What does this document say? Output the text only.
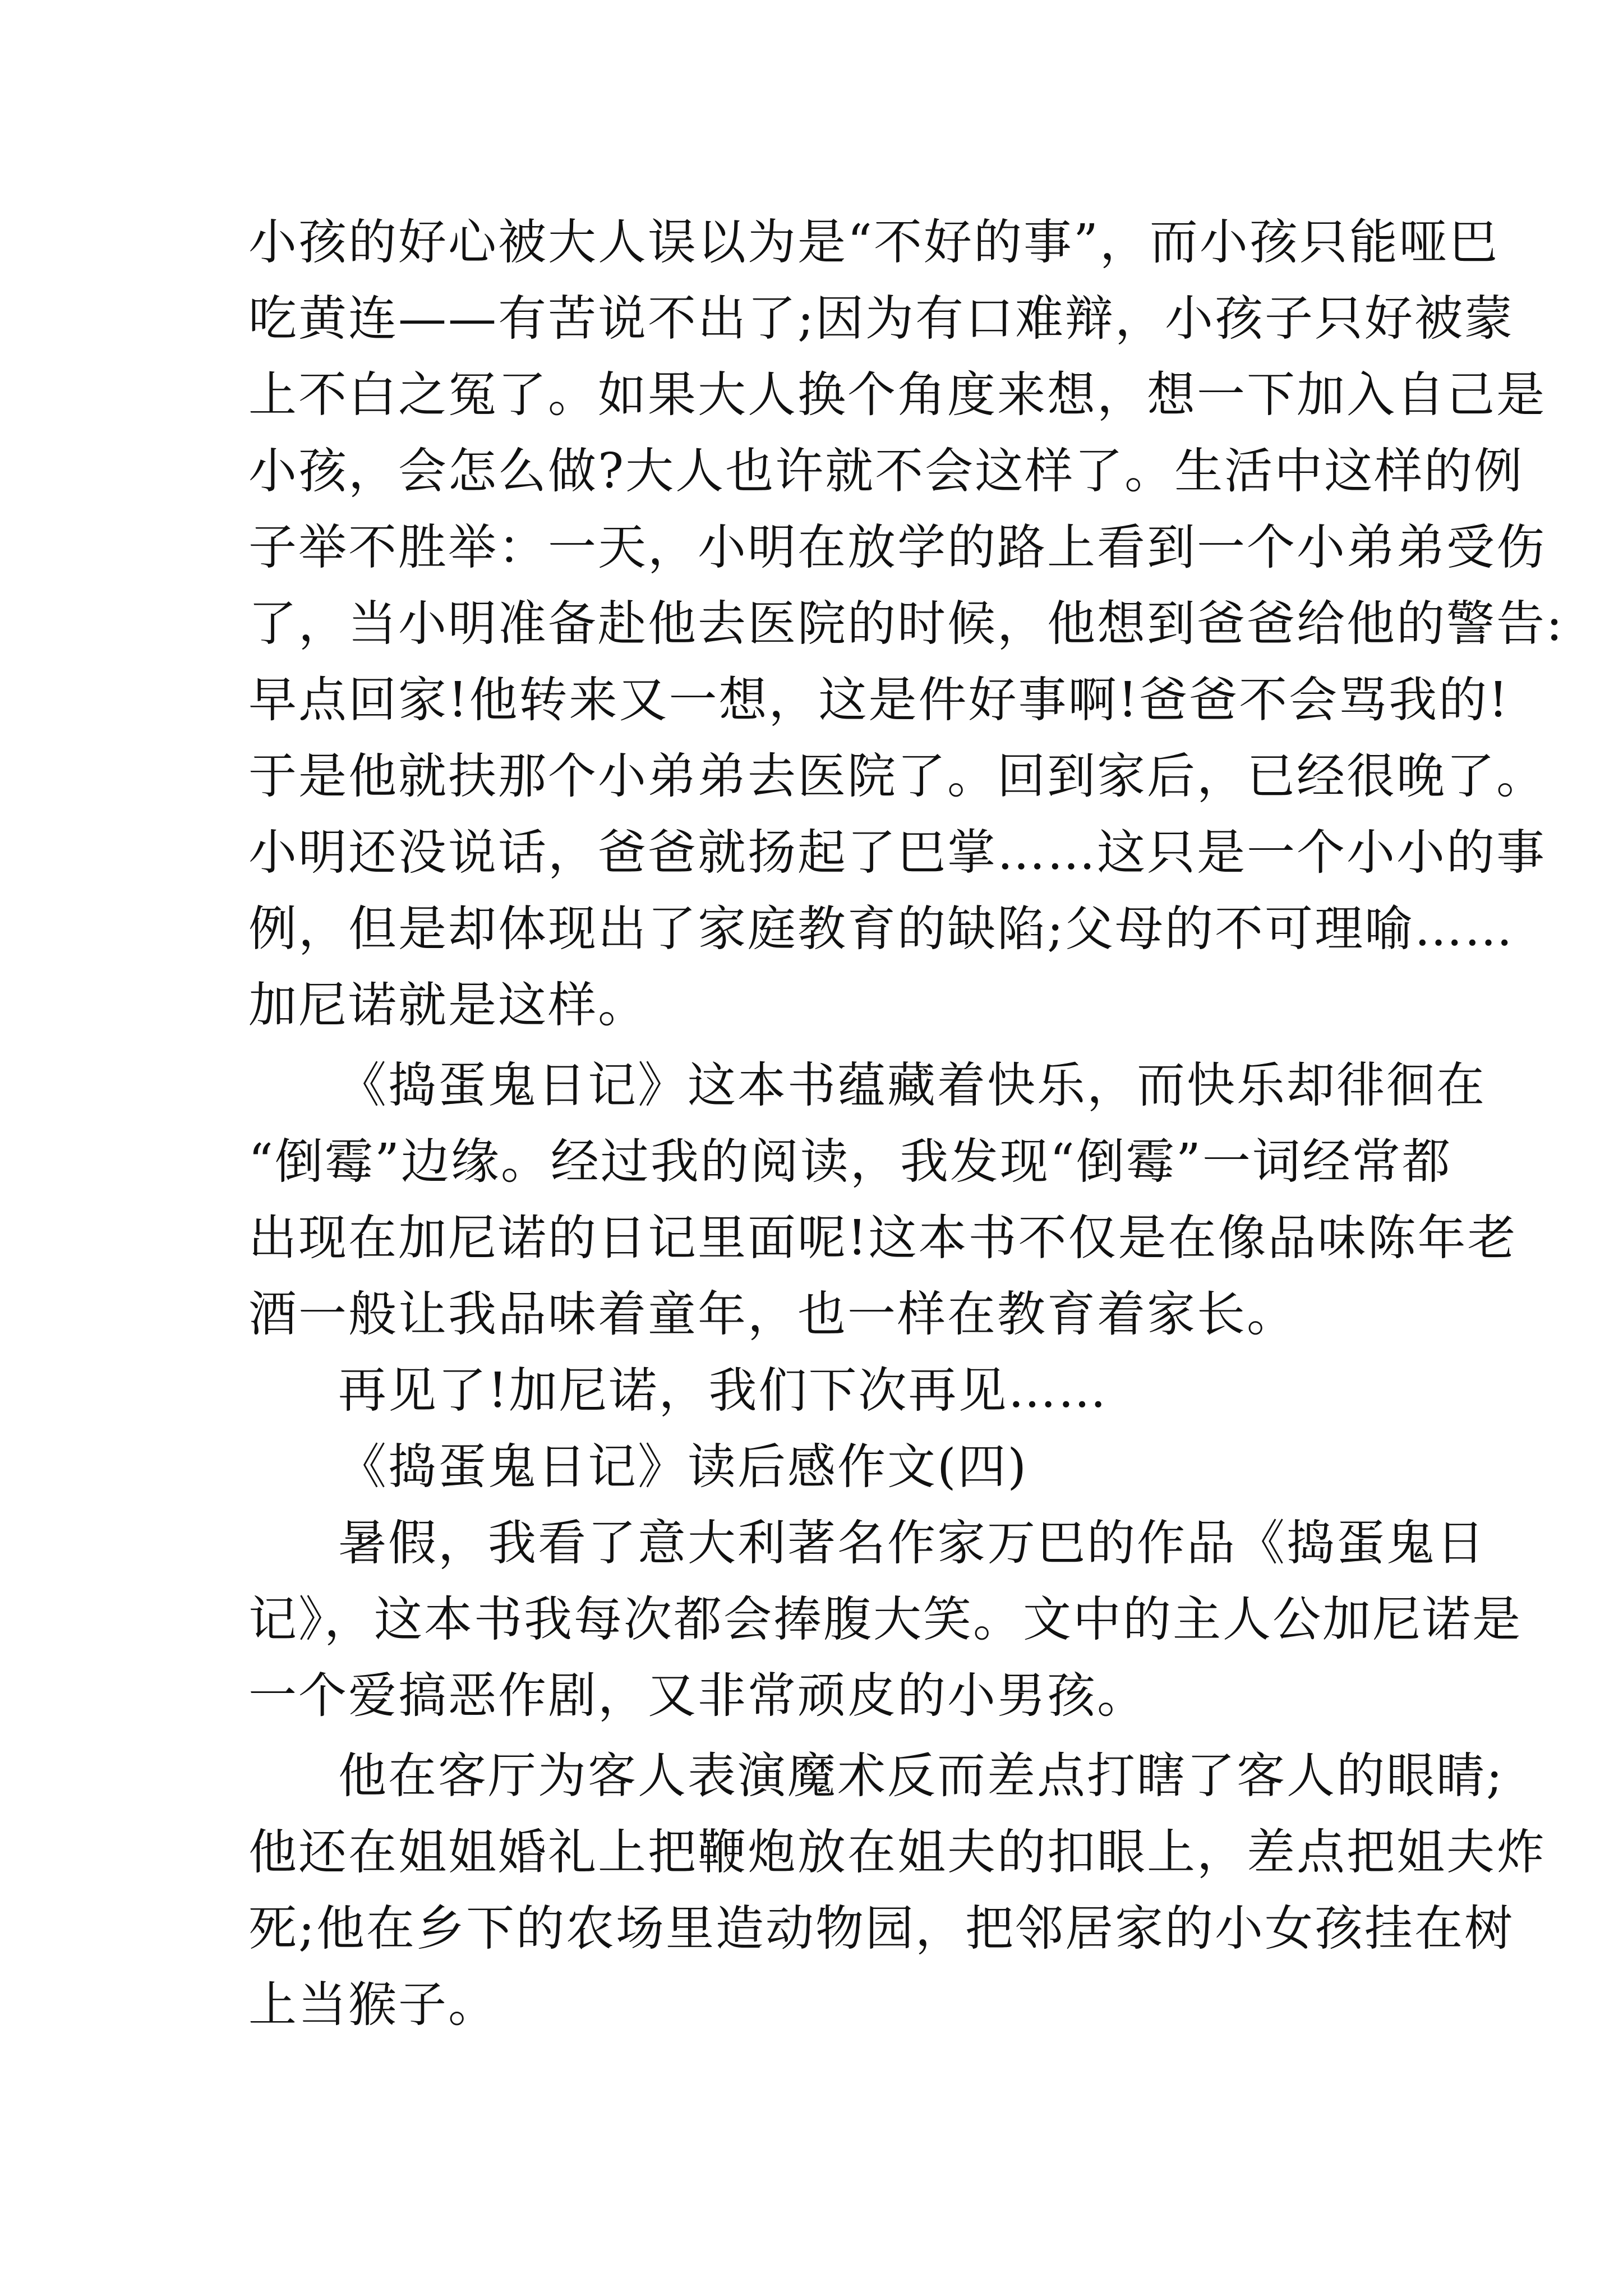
小孩的好心被大人误以为是“不好的事”，而小孩只能哑巴
吃黄连——有苦说不出了;因为有口难辩，小孩子只好被蒙
上不白之冤了。如果大人换个角度来想，想一下加入自己是
小孩，会怎么做?大人也许就不会这样了。生活中这样的例
子举不胜举：一天，小明在放学的路上看到一个小弟弟受伤
了，当小明准备赴他去医院的时候，他想到爸爸给他的警告:
早点回家!他转来又一想，这是件好事啊!爸爸不会骂我的!
于是他就扶那个小弟弟去医院了。回到家后，已经很晚了。
小明还没说话，爸爸就扬起了巴掌……这只是一个小小的事
例，但是却体现出了家庭教育的缺陷;父母的不可理喻……
加尼诺就是这样。
《捣蛋鬼日记》这本书蕴藏着快乐，而快乐却徘徊在
“倒霉”边缘。经过我的阅读，我发现“倒霉”一词经常都
出现在加尼诺的日记里面呢!这本书不仅是在像品味陈年老
酒一般让我品味着童年，也一样在教育着家长。
再见了!加尼诺，我们下次再见……
《捣蛋鬼日记》读后感作文(四)
暑假，我看了意大利著名作家万巴的作品《捣蛋鬼日
记》，这本书我每次都会捧腹大笑。文中的主人公加尼诺是
一个爱搞恶作剧，又非常顽皮的小男孩。
他在客厅为客人表演魔术反而差点打瞎了客人的眼睛;
他还在姐姐婚礼上把鞭炮放在姐夫的扣眼上，差点把姐夫炸
死;他在乡下的农场里造动物园，把邻居家的小女孩挂在树
上当猴子。
